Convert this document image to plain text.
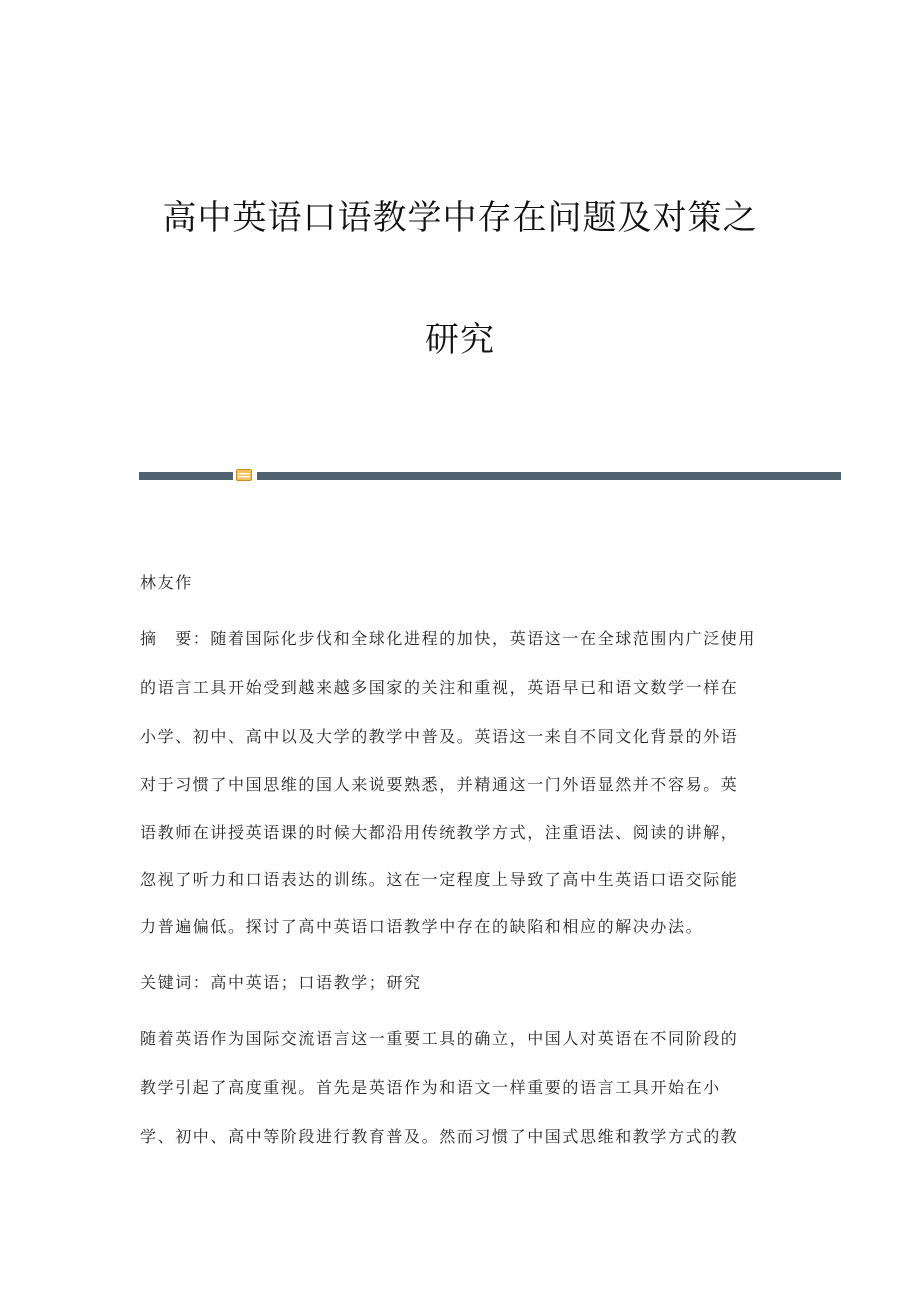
高中英语口语教学中存在问题及对策之
研究
林友作
摘　要：随着国际化步伐和全球化进程的加快，英语这一在全球范围内广泛使用
的语言工具开始受到越来越多国家的关注和重视，英语早已和语文数学一样在
小学、初中、高中以及大学的教学中普及。英语这一来自不同文化背景的外语
对于习惯了中国思维的国人来说要熟悉，并精通这一门外语显然并不容易。英
语教师在讲授英语课的时候大都沿用传统教学方式，注重语法、阅读的讲解，
忽视了听力和口语表达的训练。这在一定程度上导致了高中生英语口语交际能
力普遍偏低。探讨了高中英语口语教学中存在的缺陷和相应的解决办法。
关键词：高中英语；口语教学；研究
随着英语作为国际交流语言这一重要工具的确立，中国人对英语在不同阶段的
教学引起了高度重视。首先是英语作为和语文一样重要的语言工具开始在小
学、初中、高中等阶段进行教育普及。然而习惯了中国式思维和教学方式的教
